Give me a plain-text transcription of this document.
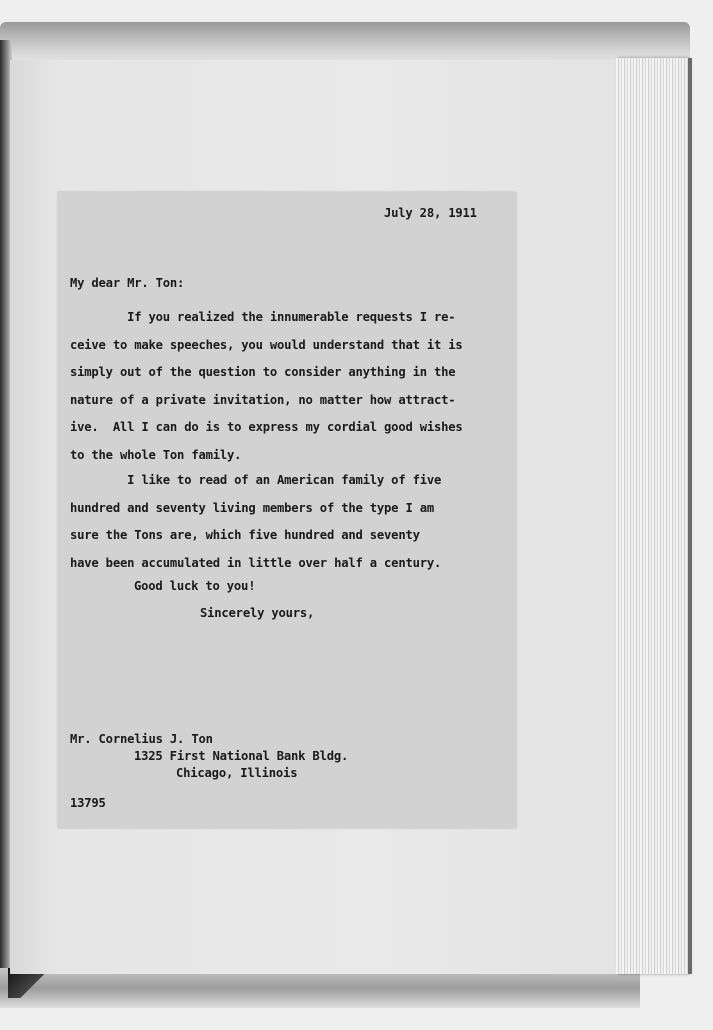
July 28, 1911
My dear Mr. Ton:
If you realized the innumerable requests I re-
ceive to make speeches, you would understand that it is
simply out of the question to consider anything in the
nature of a private invitation, no matter how attract-
ive.  All I can do is to express my cordial good wishes
to the whole Ton family.
I like to read of an American family of five
hundred and seventy living members of the type I am
sure the Tons are, which five hundred and seventy
have been accumulated in little over half a century.
Good luck to you!
Sincerely yours,
Mr. Cornelius J. Ton
1325 First National Bank Bldg.
Chicago, Illinois
13795
